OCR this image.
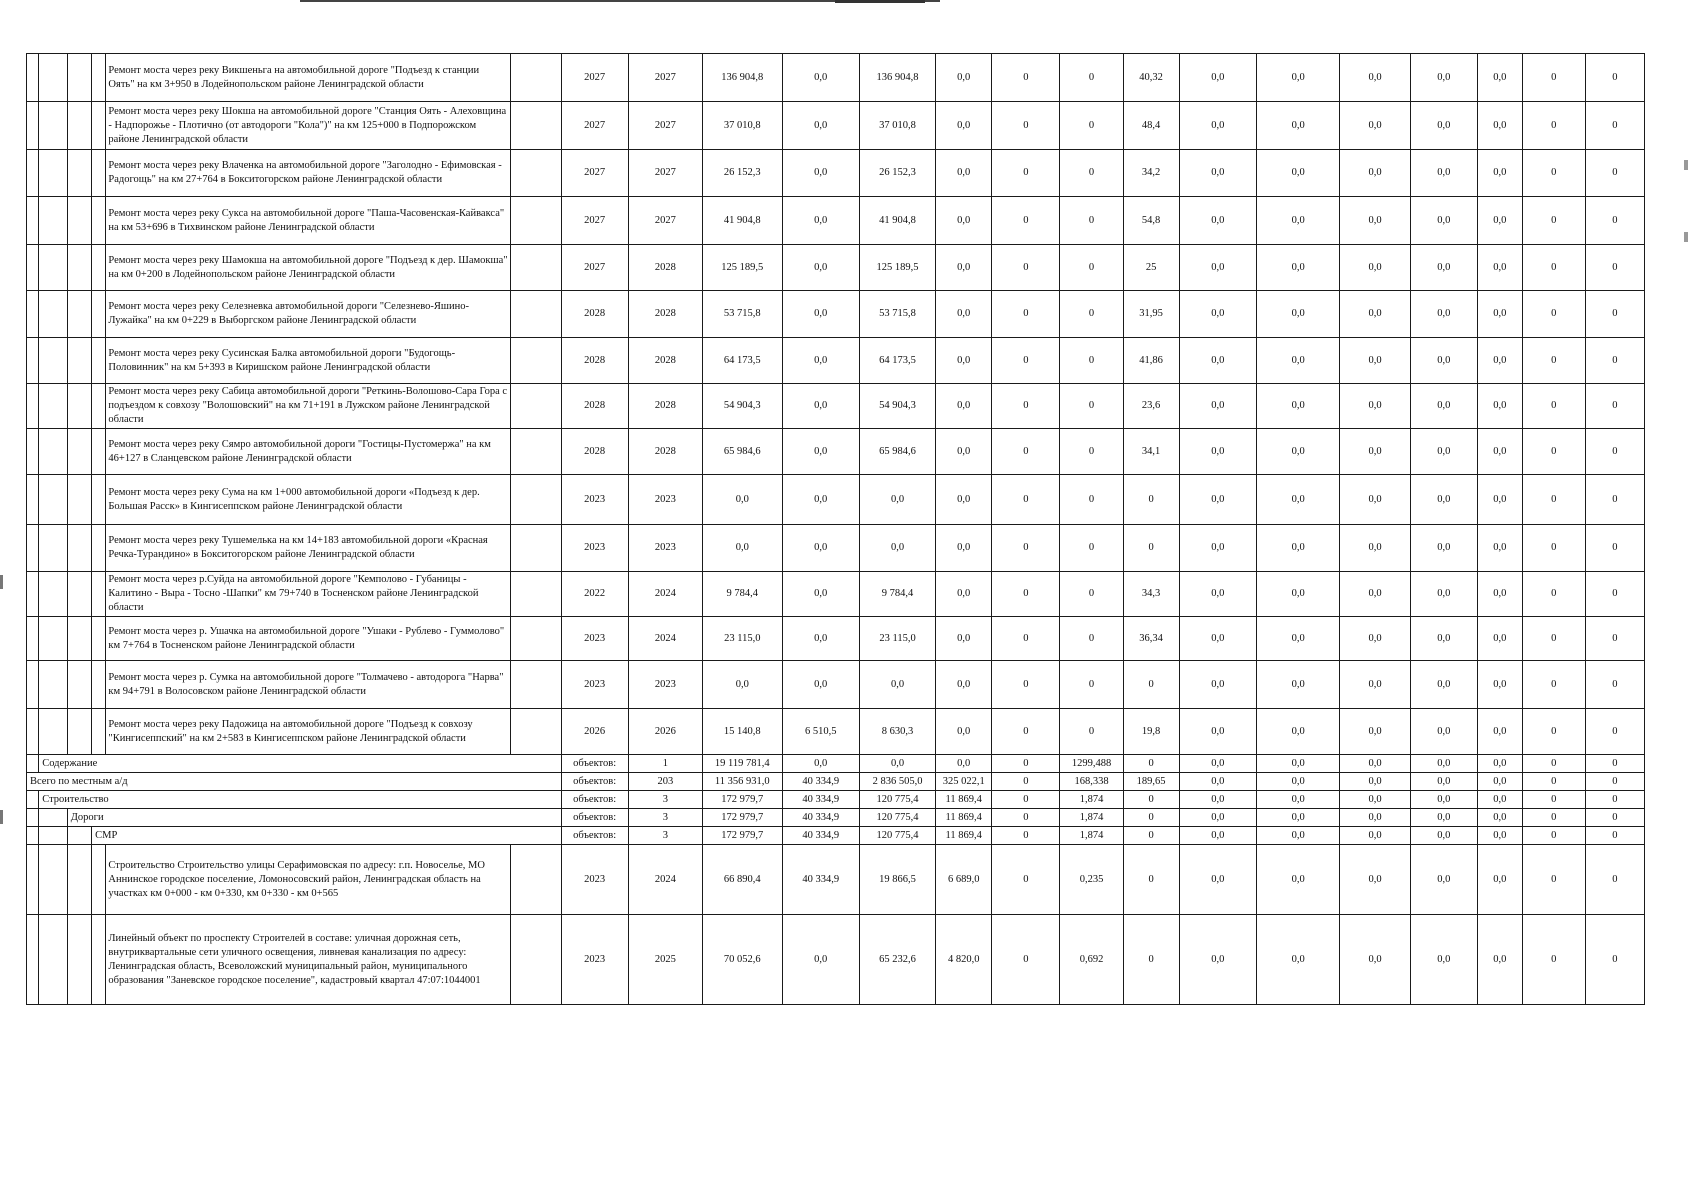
				Ремонт моста через реку Викшеньга на автомобильной дороге "Подъезд к станции Оять" на км 3+950 в Лодейнопольском районе Ленинградской области		2027	2027	136 904,8	0,0	136 904,8	0,0	0	0	40,32	0,0	0,0	0,0	0,0	0,0	0	0
				Ремонт моста через реку Шокша на автомобильной дороге "Станция Оять - Алеховщина - Надпорожье - Плотично (от автодороги "Кола")" на км 125+000 в Подпорожском районе Ленинградской области		2027	2027	37 010,8	0,0	37 010,8	0,0	0	0	48,4	0,0	0,0	0,0	0,0	0,0	0	0
				Ремонт моста через реку Влаченка на автомобильной дороге "Заголодно - Ефимовская - Радогощь" на км 27+764 в Бокситогорском районе Ленинградской области		2027	2027	26 152,3	0,0	26 152,3	0,0	0	0	34,2	0,0	0,0	0,0	0,0	0,0	0	0
				Ремонт моста через реку Сукса на автомобильной дороге "Паша-Часовенская-Кайвакса" на км 53+696 в Тихвинском районе Ленинградской области		2027	2027	41 904,8	0,0	41 904,8	0,0	0	0	54,8	0,0	0,0	0,0	0,0	0,0	0	0
				Ремонт моста через реку Шамокша на автомобильной дороге "Подъезд к дер. Шамокша" на км 0+200 в Лодейнопольском районе Ленинградской области		2027	2028	125 189,5	0,0	125 189,5	0,0	0	0	25	0,0	0,0	0,0	0,0	0,0	0	0
				Ремонт моста через реку Селезневка автомобильной дороги "Селезнево-Яшино-Лужайка" на км 0+229 в Выборгском районе Ленинградской области		2028	2028	53 715,8	0,0	53 715,8	0,0	0	0	31,95	0,0	0,0	0,0	0,0	0,0	0	0
				Ремонт моста через реку Сусинская Балка автомобильной дороги "Будогощь-Половинник" на км 5+393 в Киришском районе Ленинградской области		2028	2028	64 173,5	0,0	64 173,5	0,0	0	0	41,86	0,0	0,0	0,0	0,0	0,0	0	0
				Ремонт моста через реку Сабица автомобильной дороги "Реткинь-Волошово-Сара Гора с подъездом к совхозу "Волошовский" на км 71+191 в Лужском районе Ленинградской области		2028	2028	54 904,3	0,0	54 904,3	0,0	0	0	23,6	0,0	0,0	0,0	0,0	0,0	0	0
				Ремонт моста через реку Сямро автомобильной дороги "Гостицы-Пустомержа" на км 46+127 в Сланцевском районе Ленинградской области		2028	2028	65 984,6	0,0	65 984,6	0,0	0	0	34,1	0,0	0,0	0,0	0,0	0,0	0	0
				Ремонт моста через реку Сума на км 1+000 автомобильной дороги «Подъезд к дер. Большая Расск» в Кингисеппском районе Ленинградской области		2023	2023	0,0	0,0	0,0	0,0	0	0	0	0,0	0,0	0,0	0,0	0,0	0	0
				Ремонт моста через реку Тушемелька на км 14+183 автомобильной дороги «Красная Речка-Турандино» в Бокситогорском районе Ленинградской области		2023	2023	0,0	0,0	0,0	0,0	0	0	0	0,0	0,0	0,0	0,0	0,0	0	0
				Ремонт моста через р.Суйда на автомобильной дороге "Кемполово - Губаницы - Калитино - Выра - Тосно -Шапки" км 79+740 в Тосненском районе Ленинградской области		2022	2024	9 784,4	0,0	9 784,4	0,0	0	0	34,3	0,0	0,0	0,0	0,0	0,0	0	0
				Ремонт моста через р. Ушачка на автомобильной дороге "Ушаки - Рублево - Гуммолово" км 7+764 в Тосненском районе Ленинградской области		2023	2024	23 115,0	0,0	23 115,0	0,0	0	0	36,34	0,0	0,0	0,0	0,0	0,0	0	0
				Ремонт моста через р. Сумка на автомобильной дороге "Толмачево - автодорога "Нарва" км 94+791 в Волосовском районе Ленинградской области		2023	2023	0,0	0,0	0,0	0,0	0	0	0	0,0	0,0	0,0	0,0	0,0	0	0
				Ремонт моста через реку Падожица на автомобильной дороге "Подъезд к совхозу "Кингисеппский" на км 2+583 в Кингисеппском районе Ленинградской области		2026	2026	15 140,8	6 510,5	8 630,3	0,0	0	0	19,8	0,0	0,0	0,0	0,0	0,0	0	0
	Содержание					объектов:	1	19 119 781,4	0,0	0,0	0,0	0	1299,488	0	0,0	0,0	0,0	0,0	0,0	0	0
Всего по местным а/д						объектов:	203	11 356 931,0	40 334,9	2 836 505,0	325 022,1	0	168,338	189,65	0,0	0,0	0,0	0,0	0,0	0	0
	Строительство					объектов:	3	172 979,7	40 334,9	120 775,4	11 869,4	0	1,874	0	0,0	0,0	0,0	0,0	0,0	0	0
		Дороги				объектов:	3	172 979,7	40 334,9	120 775,4	11 869,4	0	1,874	0	0,0	0,0	0,0	0,0	0,0	0	0
			СМР			объектов:	3	172 979,7	40 334,9	120 775,4	11 869,4	0	1,874	0	0,0	0,0	0,0	0,0	0,0	0	0
				Строительство Строительство улицы Серафимовская по адресу: г.п. Новоселье, МО Аннинское городское поселение, Ломоносовский район, Ленинградская область на участках км 0+000 - км 0+330, км 0+330 - км 0+565		2023	2024	66 890,4	40 334,9	19 866,5	6 689,0	0	0,235	0	0,0	0,0	0,0	0,0	0,0	0	0
				Линейный объект по проспекту Строителей в составе: уличная дорожная сеть, внутриквартальные сети уличного освещения, ливневая канализация по адресу: Ленинградская область, Всеволожский муниципальный район, муниципального образования "Заневское городское поселение", кадастровый квартал 47:07:1044001		2023	2025	70 052,6	0,0	65 232,6	4 820,0	0	0,692	0	0,0	0,0	0,0	0,0	0,0	0	0
